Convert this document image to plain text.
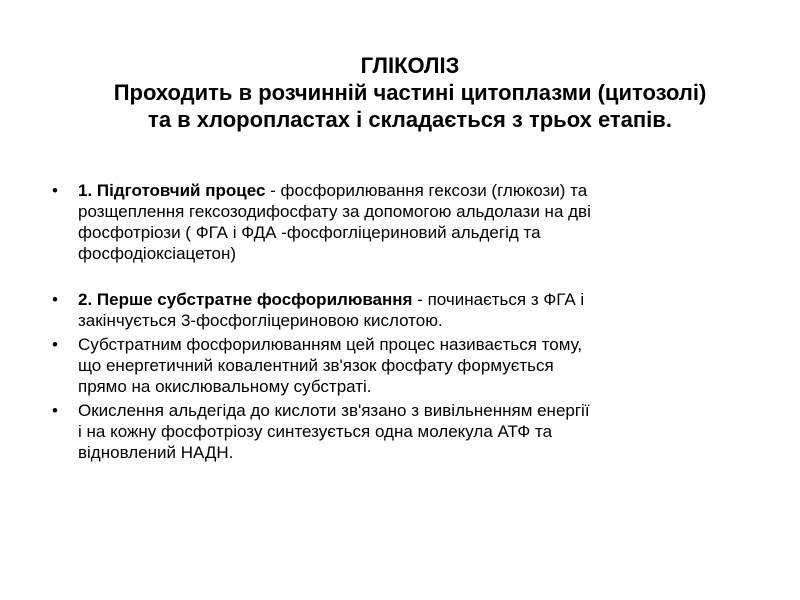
ГЛІКОЛІЗ
Проходить в розчинній частині цитоплазми (цитозолі)
та в хлоропластах і складається з трьох етапів.
• 1. Підготовчий процес - фосфорилювання гексози (глюкози) та
розщеплення гексозодифосфату за допомогою альдолази на дві
фосфотріози ( ФГА і ФДА -фосфогліцериновий альдегід та
фосфодіоксіацетон)
• 2. Перше субстратне фосфорилювання - починається з ФГА і
закінчується 3-фосфогліцериновою кислотою.
• Субстратним фосфорилюванням цей процес називається тому,
що енергетичний ковалентний зв'язок фосфату формується
прямо на окислювальному субстраті.
• Окислення альдегіда до кислоти зв'язано з вивільненням енергії
і на кожну фосфотріозу синтезується одна молекула АТФ та
відновлений НАДН.
